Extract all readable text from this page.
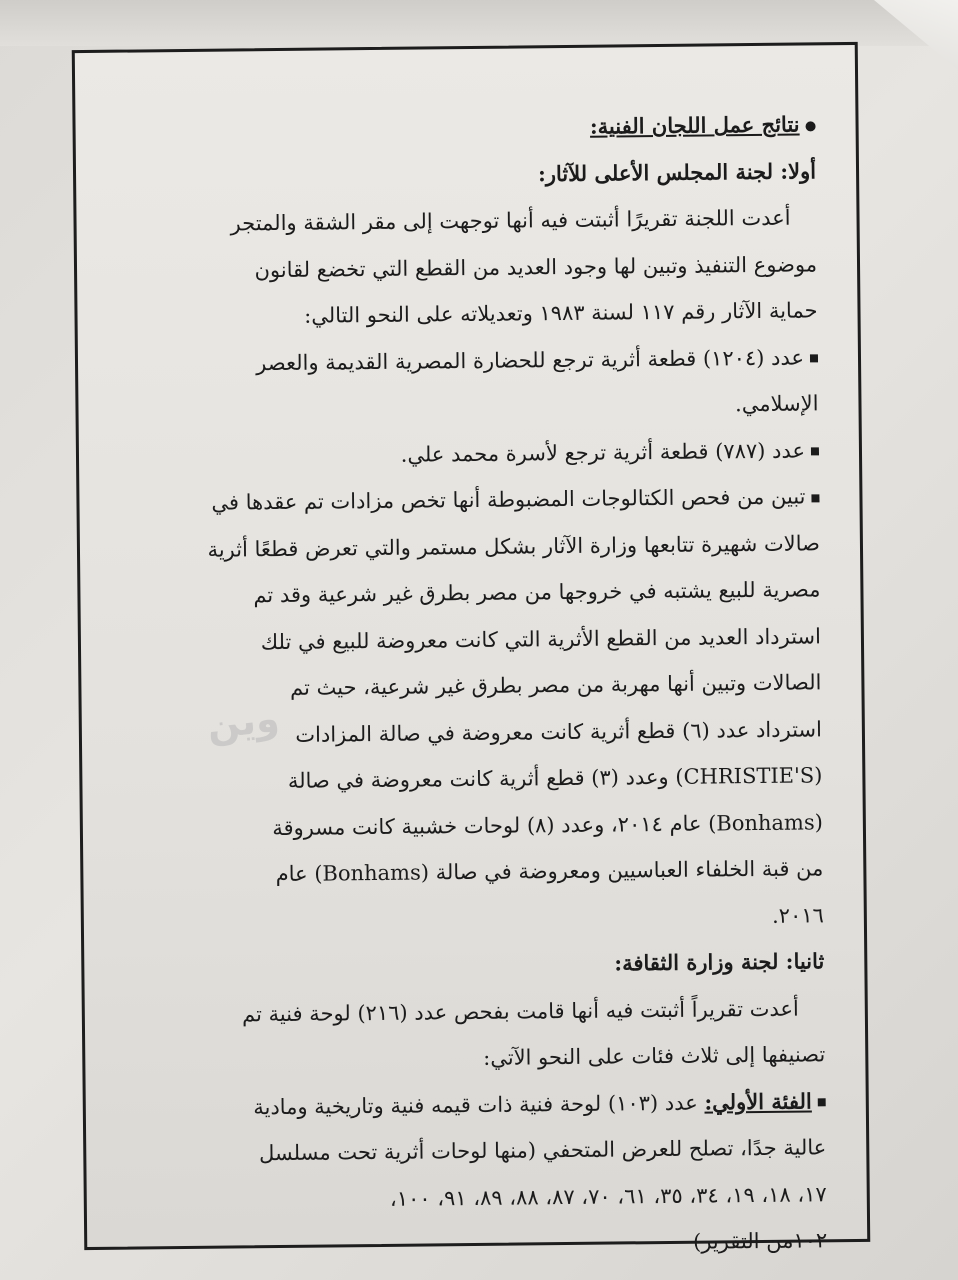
نتائج عمل اللجان الفنية:
أولا: لجنة المجلس الأعلى للآثار:
أعدت اللجنة تقريرًا أثبتت فيه أنها توجهت إلى مقر الشقة والمتجر
موضوع التنفيذ وتبين لها وجود العديد من القطع التي تخضع لقانون
حماية الآثار رقم ١١٧ لسنة ١٩٨٣ وتعديلاته على النحو التالي:
عدد (١٢٠٤) قطعة أثرية ترجع للحضارة المصرية القديمة والعصر
الإسلامي.
عدد (٧٨٧) قطعة أثرية ترجع لأسرة محمد علي.
تبين من فحص الكتالوجات المضبوطة أنها تخص مزادات تم عقدها في
صالات شهيرة تتابعها وزارة الآثار بشكل مستمر والتي تعرض قطعًا أثرية
مصرية للبيع يشتبه في خروجها من مصر بطرق غير شرعية وقد تم
استرداد العديد من القطع الأثرية التي كانت معروضة للبيع في تلك
الصالات وتبين أنها مهربة من مصر بطرق غير شرعية، حيث تم
استرداد عدد (٦) قطع أثرية كانت معروضة في صالة المزادات
(CHRISTIE'S) وعدد (٣) قطع أثرية كانت معروضة في صالة
(Bonhams) عام ٢٠١٤، وعدد (٨) لوحات خشبية كانت مسروقة
من قبة الخلفاء العباسيين ومعروضة في صالة (Bonhams) عام
٢٠١٦.
ثانيا: لجنة وزارة الثقافة:
أعدت تقريراً أثبتت فيه أنها قامت بفحص عدد (٢١٦) لوحة فنية تم
تصنيفها إلى ثلاث فئات على النحو الآتي:
الفئة الأولي: عدد (١٠٣) لوحة فنية ذات قيمه فنية وتاريخية ومادية
عالية جدًا، تصلح للعرض المتحفي (منها لوحات أثرية تحت مسلسل
١٧، ١٨، ١٩، ٣٤، ٣٥، ٦١، ٧٠، ٨٧، ٨٨، ٨٩، ٩١، ١٠٠،
١٠٢من التقرير)
وين
